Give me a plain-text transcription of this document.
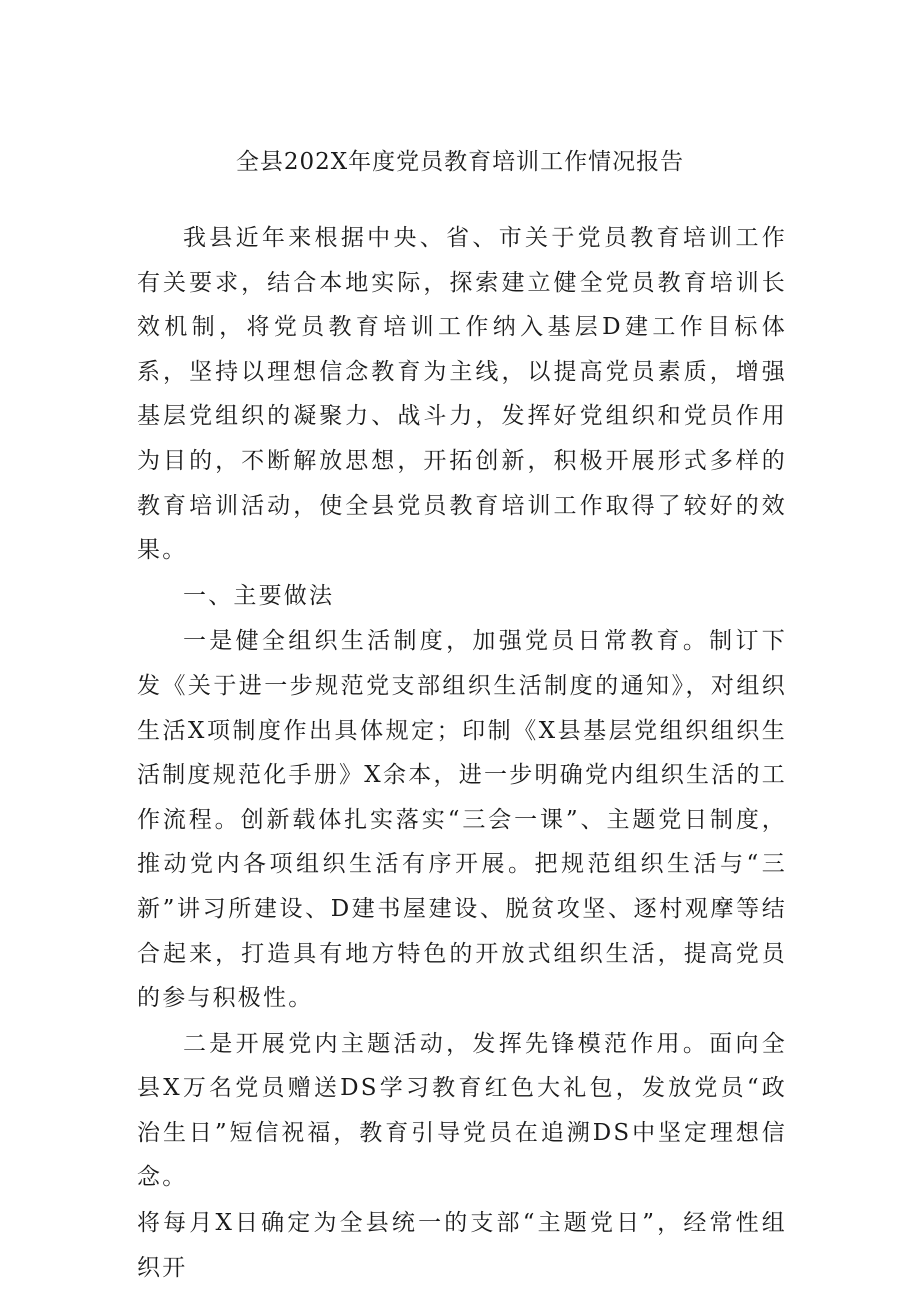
全县202X年度党员教育培训工作情况报告

我县近年来根据中央、省、市关于党员教育培训工作有关要求，结合本地实际，探索建立健全党员教育培训长效机制，将党员教育培训工作纳入基层D建工作目标体系，坚持以理想信念教育为主线，以提高党员素质，增强基层党组织的凝聚力、战斗力，发挥好党组织和党员作用为目的，不断解放思想，开拓创新，积极开展形式多样的教育培训活动，使全县党员教育培训工作取得了较好的效果。

一、主要做法

一是健全组织生活制度，加强党员日常教育。制订下发《关于进一步规范党支部组织生活制度的通知》，对组织生活X项制度作出具体规定；印制《X县基层党组织组织生活制度规范化手册》X余本，进一步明确党内组织生活的工作流程。创新载体扎实落实“三会一课”、主题党日制度，推动党内各项组织生活有序开展。把规范组织生活与“三新”讲习所建设、D建书屋建设、脱贫攻坚、逐村观摩等结合起来，打造具有地方特色的开放式组织生活，提高党员的参与积极性。

二是开展党内主题活动，发挥先锋模范作用。面向全县X万名党员赠送DS学习教育红色大礼包，发放党员“政治生日”短信祝福，教育引导党员在追溯DS中坚定理想信念。

将每月X日确定为全县统一的支部“主题党日”，经常性组织开
